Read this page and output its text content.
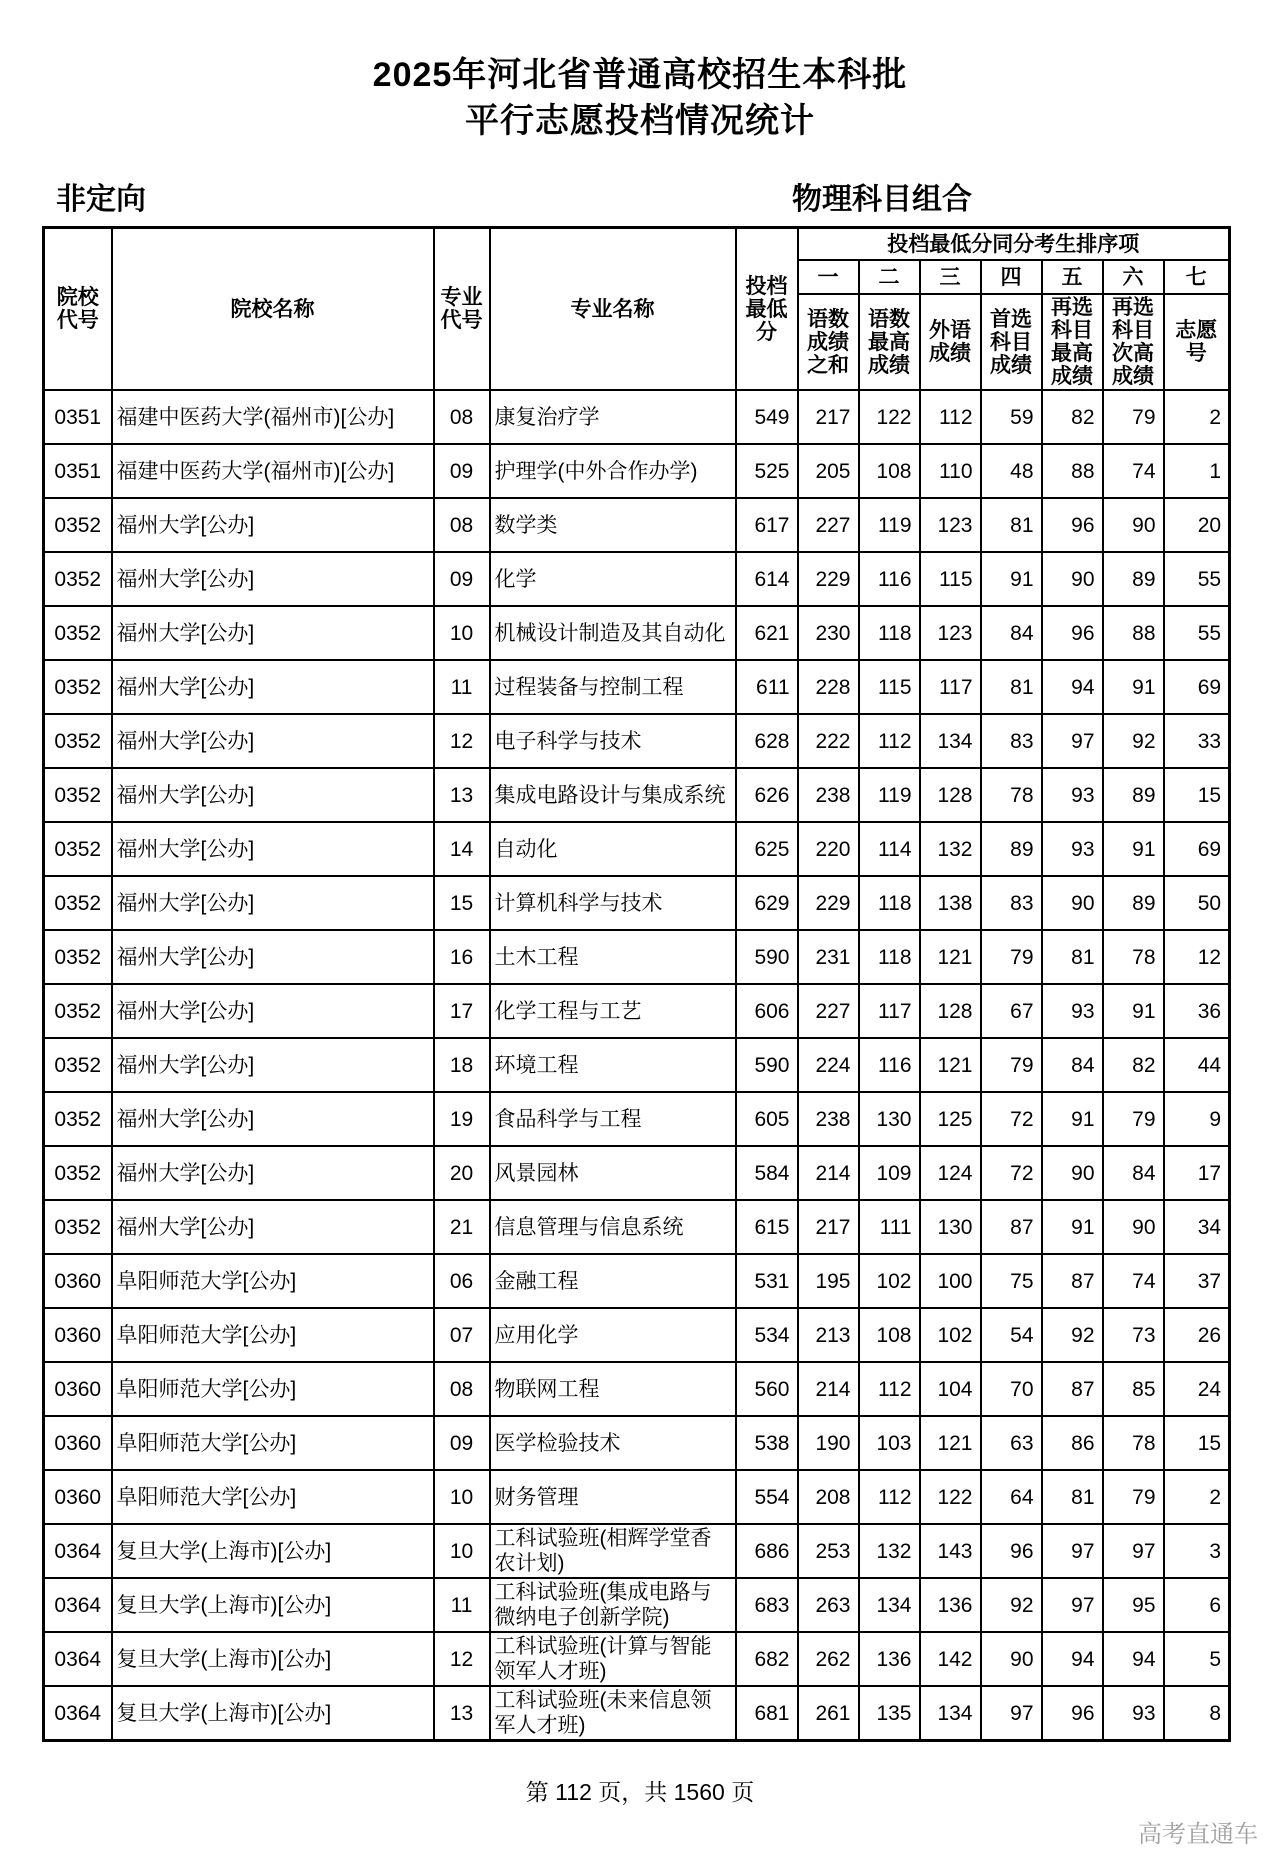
2025年河北省普通高校招生本科批
平行志愿投档情况统计
非定向	物理科目组合
院校代号	院校名称	专业代号	专业名称	投档最低分	投档最低分同分考生排序项						
					一	二	三	四	五	六	七
					语数成绩之和	语数最高成绩	外语成绩	首选科目成绩	再选科目最高成绩	再选科目次高成绩	志愿号
0351	福建中医药大学(福州市)[公办]	08	康复治疗学	549	217	122	112	59	82	79	2
0351	福建中医药大学(福州市)[公办]	09	护理学(中外合作办学)	525	205	108	110	48	88	74	1
0352	福州大学[公办]	08	数学类	617	227	119	123	81	96	90	20
0352	福州大学[公办]	09	化学	614	229	116	115	91	90	89	55
0352	福州大学[公办]	10	机械设计制造及其自动化	621	230	118	123	84	96	88	55
0352	福州大学[公办]	11	过程装备与控制工程	611	228	115	117	81	94	91	69
0352	福州大学[公办]	12	电子科学与技术	628	222	112	134	83	97	92	33
0352	福州大学[公办]	13	集成电路设计与集成系统	626	238	119	128	78	93	89	15
0352	福州大学[公办]	14	自动化	625	220	114	132	89	93	91	69
0352	福州大学[公办]	15	计算机科学与技术	629	229	118	138	83	90	89	50
0352	福州大学[公办]	16	土木工程	590	231	118	121	79	81	78	12
0352	福州大学[公办]	17	化学工程与工艺	606	227	117	128	67	93	91	36
0352	福州大学[公办]	18	环境工程	590	224	116	121	79	84	82	44
0352	福州大学[公办]	19	食品科学与工程	605	238	130	125	72	91	79	9
0352	福州大学[公办]	20	风景园林	584	214	109	124	72	90	84	17
0352	福州大学[公办]	21	信息管理与信息系统	615	217	111	130	87	91	90	34
0360	阜阳师范大学[公办]	06	金融工程	531	195	102	100	75	87	74	37
0360	阜阳师范大学[公办]	07	应用化学	534	213	108	102	54	92	73	26
0360	阜阳师范大学[公办]	08	物联网工程	560	214	112	104	70	87	85	24
0360	阜阳师范大学[公办]	09	医学检验技术	538	190	103	121	63	86	78	15
0360	阜阳师范大学[公办]	10	财务管理	554	208	112	122	64	81	79	2
0364	复旦大学(上海市)[公办]	10	工科试验班(相辉学堂香农计划)	686	253	132	143	96	97	97	3
0364	复旦大学(上海市)[公办]	11	工科试验班(集成电路与微纳电子创新学院)	683	263	134	136	92	97	95	6
0364	复旦大学(上海市)[公办]	12	工科试验班(计算与智能领军人才班)	682	262	136	142	90	94	94	5
0364	复旦大学(上海市)[公办]	13	工科试验班(未来信息领军人才班)	681	261	135	134	97	96	93	8
第 112 页，共 1560 页
高考直通车
